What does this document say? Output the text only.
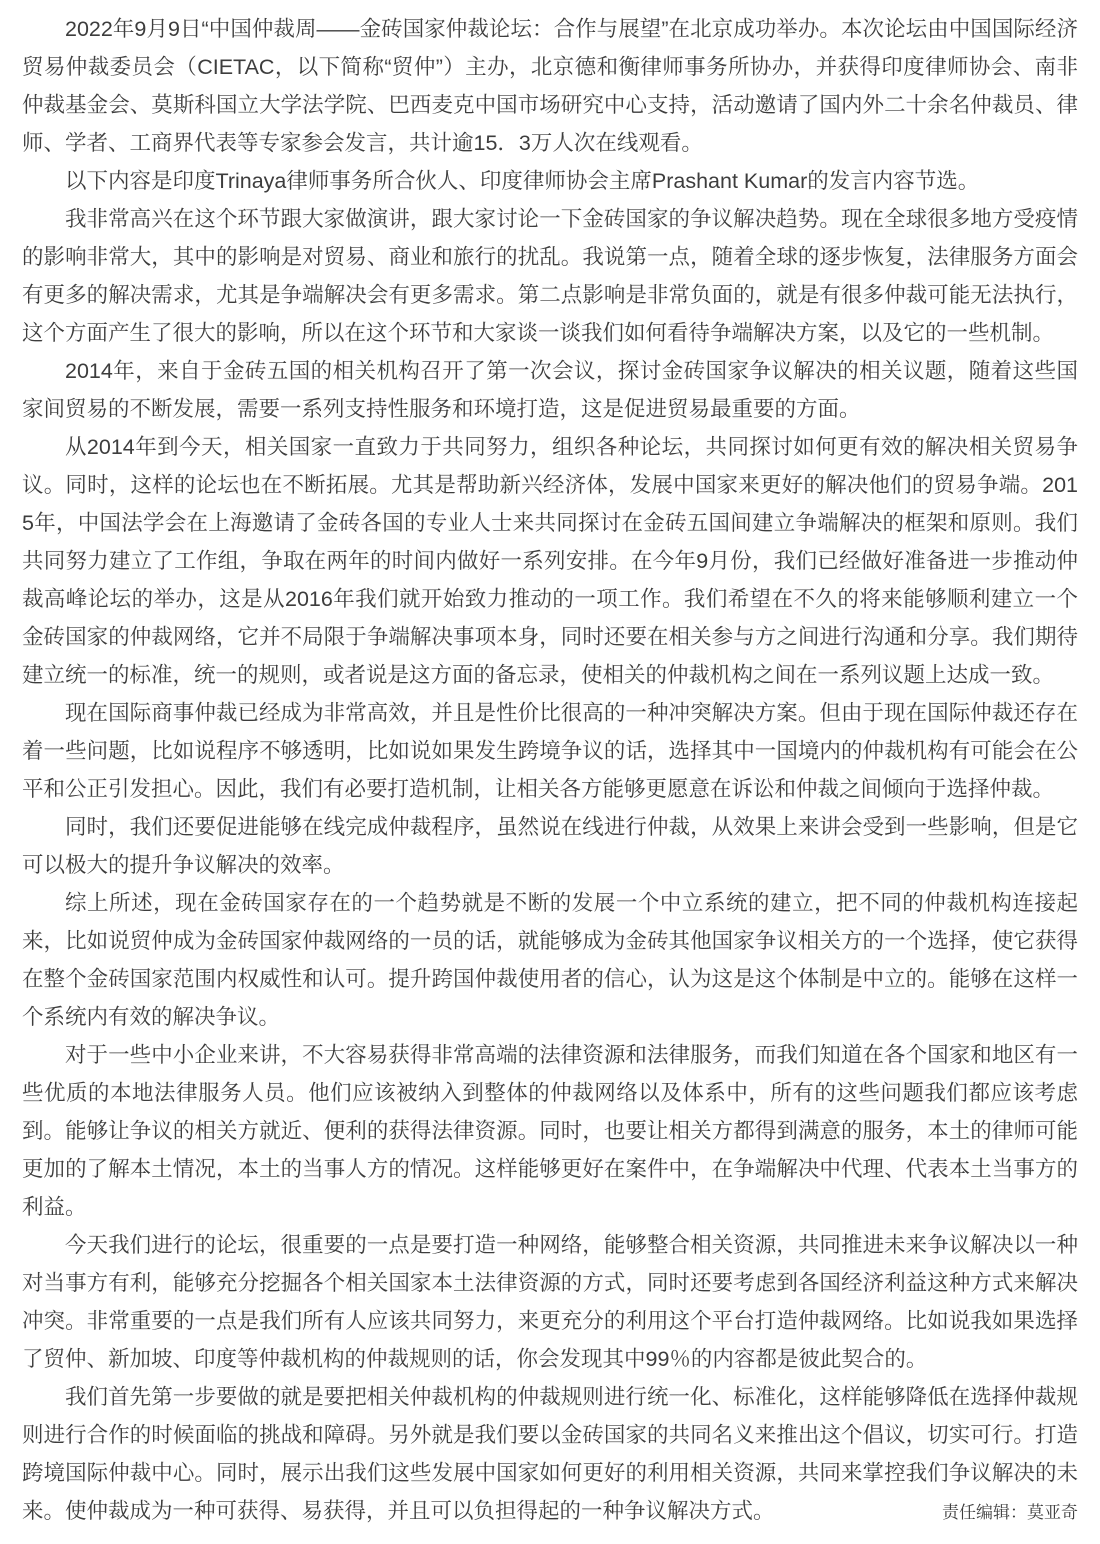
2022年9月9日“中国仲裁周——金砖国家仲裁论坛：合作与展望”在北京成功举办。本次论坛由中国国际经济贸易仲裁委员会（CIETAC，以下简称“贸仲”）主办，北京德和衡律师事务所协办，并获得印度律师协会、南非仲裁基金会、莫斯科国立大学法学院、巴西麦克中国市场研究中心支持，活动邀请了国内外二十余名仲裁员、律师、学者、工商界代表等专家参会发言，共计逾15．3万人次在线观看。

以下内容是印度Trinaya律师事务所合伙人、印度律师协会主席Prashant Kumar的发言内容节选。

我非常高兴在这个环节跟大家做演讲，跟大家讨论一下金砖国家的争议解决趋势。现在全球很多地方受疫情的影响非常大，其中的影响是对贸易、商业和旅行的扰乱。我说第一点，随着全球的逐步恢复，法律服务方面会有更多的解决需求，尤其是争端解决会有更多需求。第二点影响是非常负面的，就是有很多仲裁可能无法执行，这个方面产生了很大的影响，所以在这个环节和大家谈一谈我们如何看待争端解决方案，以及它的一些机制。

2014年，来自于金砖五国的相关机构召开了第一次会议，探讨金砖国家争议解决的相关议题，随着这些国家间贸易的不断发展，需要一系列支持性服务和环境打造，这是促进贸易最重要的方面。

从2014年到今天，相关国家一直致力于共同努力，组织各种论坛，共同探讨如何更有效的解决相关贸易争议。同时，这样的论坛也在不断拓展。尤其是帮助新兴经济体，发展中国家来更好的解决他们的贸易争端。2015年，中国法学会在上海邀请了金砖各国的专业人士来共同探讨在金砖五国间建立争端解决的框架和原则。我们共同努力建立了工作组，争取在两年的时间内做好一系列安排。在今年9月份，我们已经做好准备进一步推动仲裁高峰论坛的举办，这是从2016年我们就开始致力推动的一项工作。我们希望在不久的将来能够顺利建立一个金砖国家的仲裁网络，它并不局限于争端解决事项本身，同时还要在相关参与方之间进行沟通和分享。我们期待建立统一的标准，统一的规则，或者说是这方面的备忘录，使相关的仲裁机构之间在一系列议题上达成一致。

现在国际商事仲裁已经成为非常高效，并且是性价比很高的一种冲突解决方案。但由于现在国际仲裁还存在着一些问题，比如说程序不够透明，比如说如果发生跨境争议的话，选择其中一国境内的仲裁机构有可能会在公平和公正引发担心。因此，我们有必要打造机制，让相关各方能够更愿意在诉讼和仲裁之间倾向于选择仲裁。

同时，我们还要促进能够在线完成仲裁程序，虽然说在线进行仲裁，从效果上来讲会受到一些影响，但是它可以极大的提升争议解决的效率。

综上所述，现在金砖国家存在的一个趋势就是不断的发展一个中立系统的建立，把不同的仲裁机构连接起来，比如说贸仲成为金砖国家仲裁网络的一员的话，就能够成为金砖其他国家争议相关方的一个选择，使它获得在整个金砖国家范围内权威性和认可。提升跨国仲裁使用者的信心，认为这是这个体制是中立的。能够在这样一个系统内有效的解决争议。

对于一些中小企业来讲，不大容易获得非常高端的法律资源和法律服务，而我们知道在各个国家和地区有一些优质的本地法律服务人员。他们应该被纳入到整体的仲裁网络以及体系中，所有的这些问题我们都应该考虑到。能够让争议的相关方就近、便利的获得法律资源。同时，也要让相关方都得到满意的服务，本土的律师可能更加的了解本土情况，本土的当事人方的情况。这样能够更好在案件中，在争端解决中代理、代表本土当事方的利益。

今天我们进行的论坛，很重要的一点是要打造一种网络，能够整合相关资源，共同推进未来争议解决以一种对当事方有利，能够充分挖掘各个相关国家本土法律资源的方式，同时还要考虑到各国经济利益这种方式来解决冲突。非常重要的一点是我们所有人应该共同努力，来更充分的利用这个平台打造仲裁网络。比如说我如果选择了贸仲、新加坡、印度等仲裁机构的仲裁规则的话，你会发现其中99％的内容都是彼此契合的。

我们首先第一步要做的就是要把相关仲裁机构的仲裁规则进行统一化、标准化，这样能够降低在选择仲裁规则进行合作的时候面临的挑战和障碍。另外就是我们要以金砖国家的共同名义来推出这个倡议，切实可行。打造跨境国际仲裁中心。同时，展示出我们这些发展中国家如何更好的利用相关资源，共同来掌控我们争议解决的未来。使仲裁成为一种可获得、易获得，并且可以负担得起的一种争议解决方式。	责任编辑：莫亚奇
